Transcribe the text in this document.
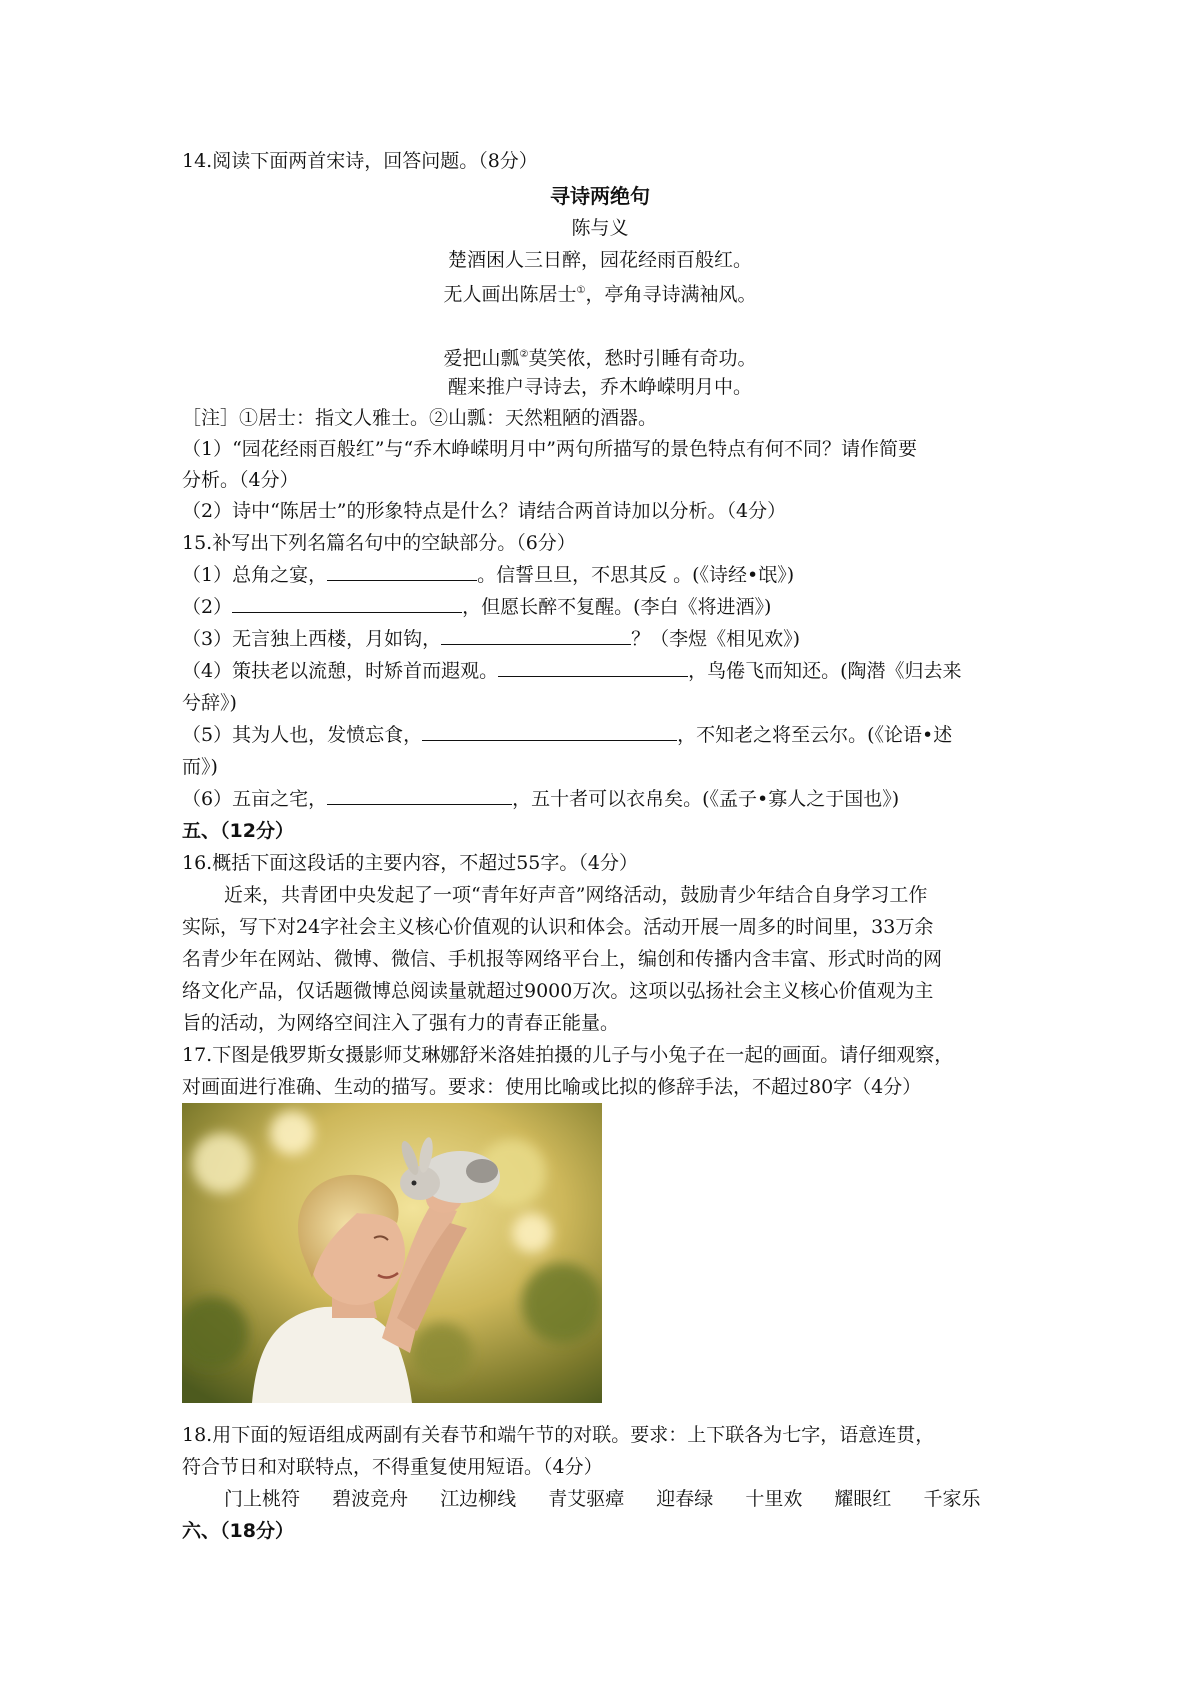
14.阅读下面两首宋诗，回答问题。（8分）
寻诗两绝句
陈与义
楚酒困人三日醉，园花经雨百般红。
无人画出陈居士①，亭角寻诗满袖风。
爱把山瓢②莫笑侬，愁时引睡有奇功。
醒来推户寻诗去，乔木峥嵘明月中。
［注］①居士：指文人雅士。②山瓢：天然粗陋的酒器。
（1）“园花经雨百般红”与“乔木峥嵘明月中”两句所描写的景色特点有何不同？请作简要
分析。（4分）
（2）诗中“陈居士”的形象特点是什么？请结合两首诗加以分析。（4分）
15.补写出下列名篇名句中的空缺部分。（6分）
（1）总角之宴，	。信誓旦旦，不思其反 。(《诗经•氓》)
（2）	，但愿长醉不复醒。(李白《将进酒》)
（3）无言独上西楼，月如钩，	？（李煜《相见欢》)
（4）策扶老以流憩，时矫首而遐观。	，鸟倦飞而知还。(陶潜《归去来
兮辞》)
（5）其为人也，发愤忘食，	，不知老之将至云尔。(《论语•述
而》)
（6）五亩之宅，	，五十者可以衣帛矣。(《孟子•寡人之于国也》)
五、（12分）
16.概括下面这段话的主要内容，不超过55字。（4分）
近来，共青团中央发起了一项“青年好声音”网络活动，鼓励青少年结合自身学习工作
实际，写下对24字社会主义核心价值观的认识和体会。活动开展一周多的时间里，33万余
名青少年在网站、微博、微信、手机报等网络平台上，编创和传播内含丰富、形式时尚的网
络文化产品，仅话题微博总阅读量就超过9000万次。这项以弘扬社会主义核心价值观为主
旨的活动，为网络空间注入了强有力的青春正能量。
17.下图是俄罗斯女摄影师艾琳娜舒米洛娃拍摄的儿子与小兔子在一起的画面。请仔细观察，
对画面进行准确、生动的描写。要求：使用比喻或比拟的修辞手法，不超过80字（4分）
18.用下面的短语组成两副有关春节和端午节的对联。要求：上下联各为七字，语意连贯，
符合节日和对联特点，不得重复使用短语。（4分）
门上桃符 碧波竞舟 江边柳线 青艾驱瘴 迎春绿 十里欢 耀眼红 千家乐
六、（18分）
